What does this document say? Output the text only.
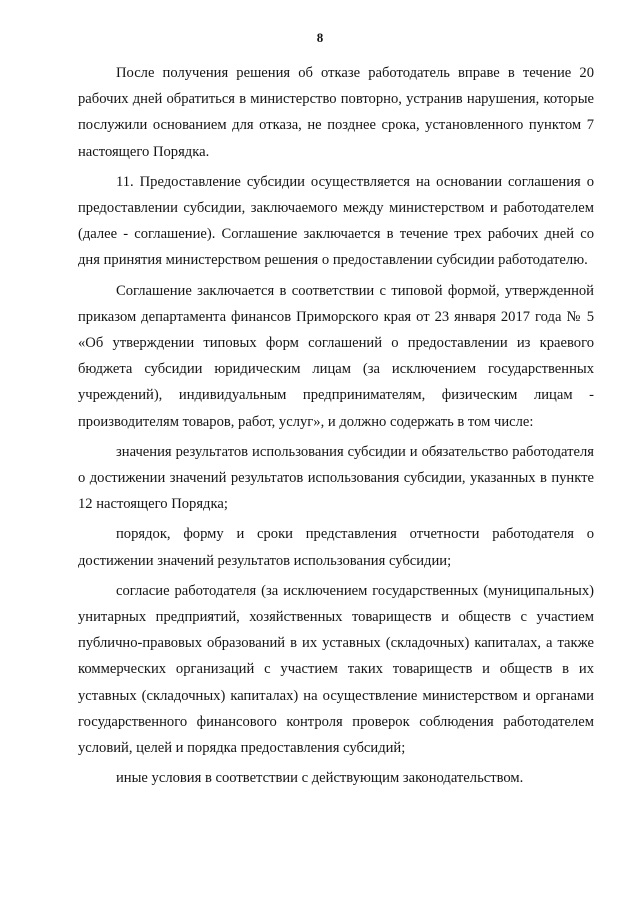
8

После получения решения об отказе работодатель вправе в течение 20 рабочих дней обратиться в министерство повторно, устранив нарушения, которые послужили основанием для отказа, не позднее срока, установленного пунктом 7 настоящего Порядка.

11. Предоставление субсидии осуществляется на основании соглашения о предоставлении субсидии, заключаемого между министерством и работодателем (далее - соглашение). Соглашение заключается в течение трех рабочих дней со дня принятия министерством решения о предоставлении субсидии работодателю.

Соглашение заключается в соответствии с типовой формой, утвержденной приказом департамента финансов Приморского края от 23 января 2017 года № 5 «Об утверждении типовых форм соглашений о предоставлении из краевого бюджета субсидии юридическим лицам (за исключением государственных учреждений), индивидуальным предпринимателям, физическим лицам - производителям товаров, работ, услуг», и должно содержать в том числе:

значения результатов использования субсидии и обязательство работодателя о достижении значений результатов использования субсидии, указанных в пункте 12 настоящего Порядка;

порядок, форму и сроки представления отчетности работодателя о достижении значений результатов использования субсидии;

согласие работодателя (за исключением государственных (муниципальных) унитарных предприятий, хозяйственных товариществ и обществ с участием публично-правовых образований в их уставных (складочных) капиталах, а также коммерческих организаций с участием таких товариществ и обществ в их уставных (складочных) капиталах) на осуществление министерством и органами государственного финансового контроля проверок соблюдения работодателем условий, целей и порядка предоставления субсидий;

иные условия в соответствии с действующим законодательством.
